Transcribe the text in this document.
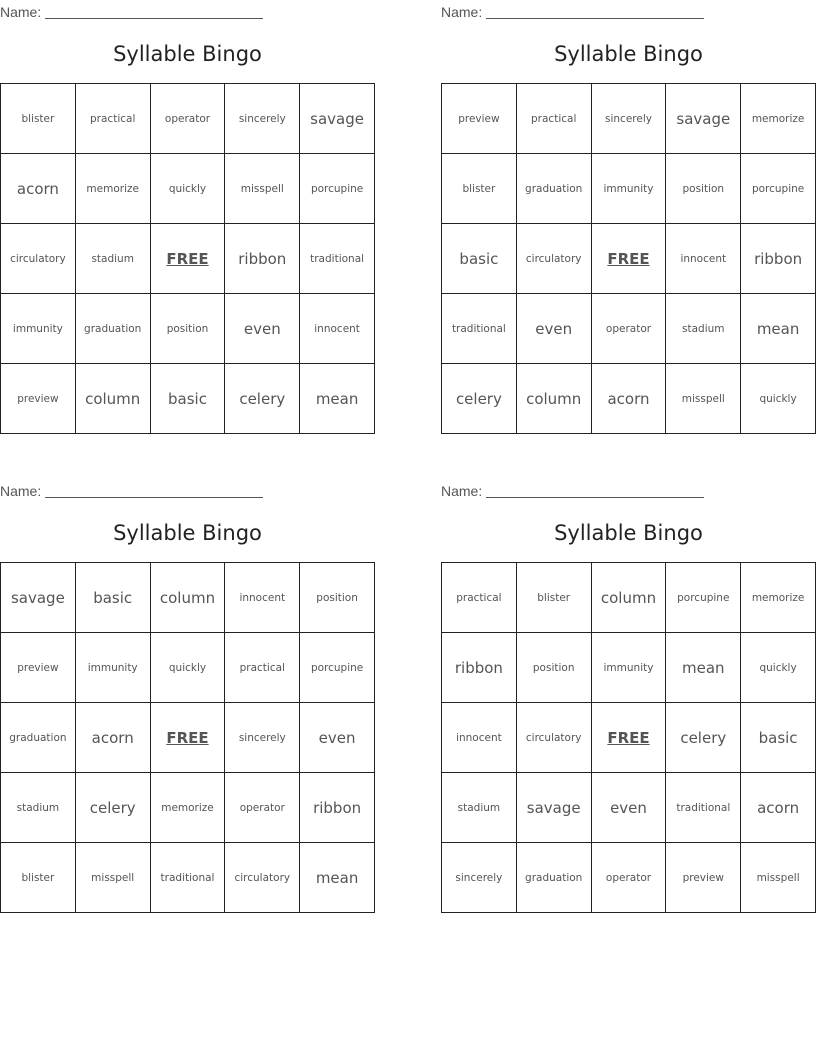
Name:
Syllable Bingo
blister	practical	operator	sincerely	savage
acorn	memorize	quickly	misspell	porcupine
circulatory	stadium	FREE	ribbon	traditional
immunity	graduation	position	even	innocent
preview	column	basic	celery	mean
Name:
Syllable Bingo
preview	practical	sincerely	savage	memorize
blister	graduation	immunity	position	porcupine
basic	circulatory	FREE	innocent	ribbon
traditional	even	operator	stadium	mean
celery	column	acorn	misspell	quickly
Name:
Syllable Bingo
savage	basic	column	innocent	position
preview	immunity	quickly	practical	porcupine
graduation	acorn	FREE	sincerely	even
stadium	celery	memorize	operator	ribbon
blister	misspell	traditional	circulatory	mean
Name:
Syllable Bingo
practical	blister	column	porcupine	memorize
ribbon	position	immunity	mean	quickly
innocent	circulatory	FREE	celery	basic
stadium	savage	even	traditional	acorn
sincerely	graduation	operator	preview	misspell
